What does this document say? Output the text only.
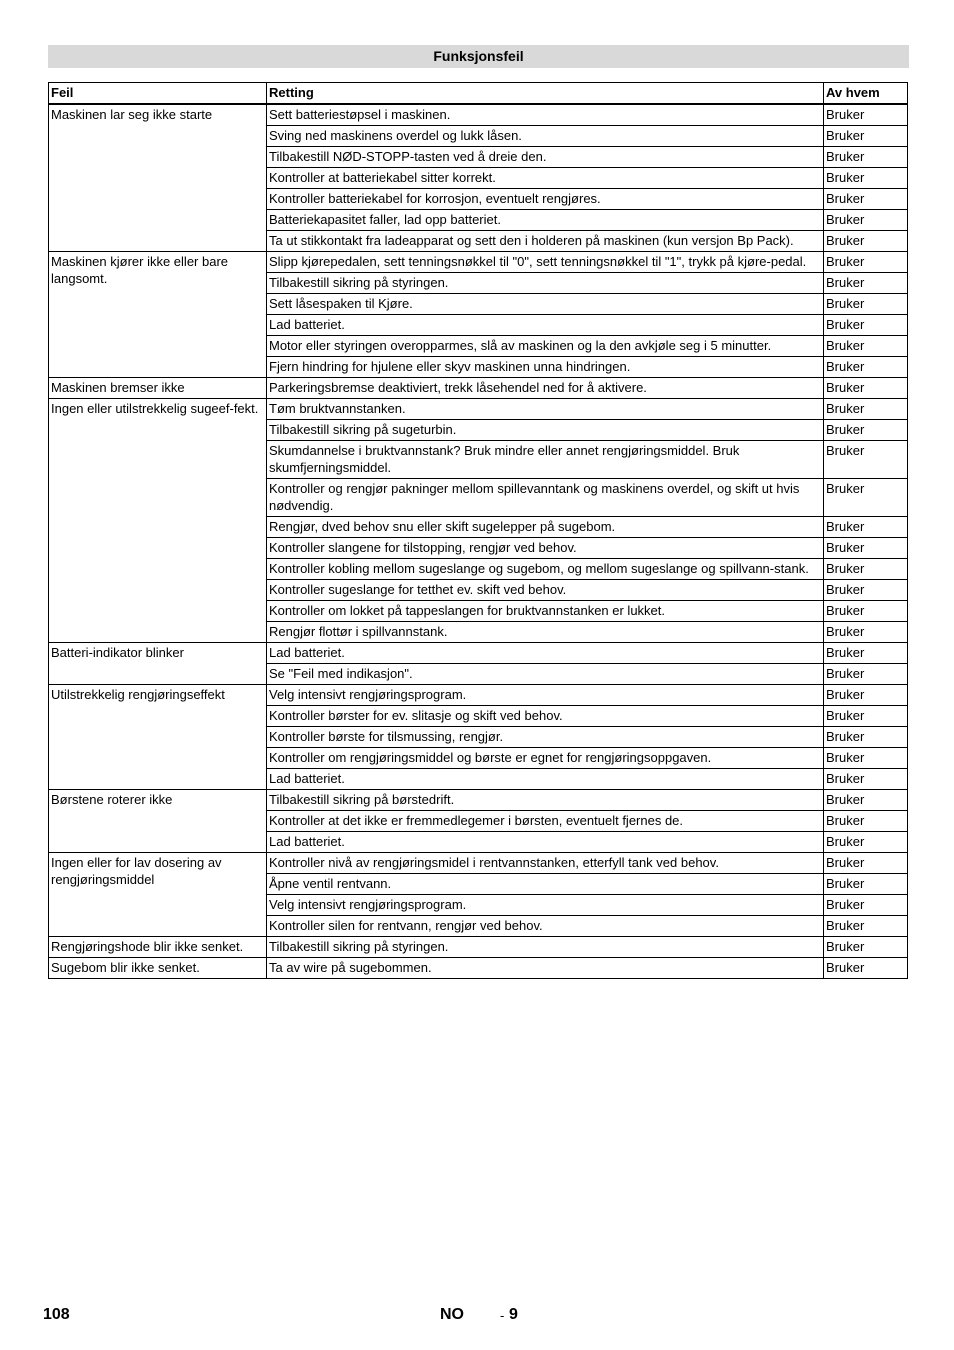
Funksjonsfeil
Feil	Retting	Av hvem
Maskinen lar seg ikke starte	Sett batteriestøpsel i maskinen.	Bruker
	Sving ned maskinens overdel og lukk låsen.	Bruker
	Tilbakestill NØD-STOPP-tasten ved å dreie den.	Bruker
	Kontroller at batteriekabel sitter korrekt.	Bruker
	Kontroller batteriekabel for korrosjon, eventuelt rengjøres.	Bruker
	Batteriekapasitet faller, lad opp batteriet.	Bruker
	Ta ut stikkontakt fra ladeapparat og sett den i holderen på maskinen (kun versjon Bp Pack).	Bruker
Maskinen kjører ikke eller bare langsomt.	Slipp kjørepedalen, sett tenningsnøkkel til "0", sett tenningsnøkkel til "1", trykk på kjøre-pedal.	Bruker
	Tilbakestill sikring på styringen.	Bruker
	Sett låsespaken til Kjøre.	Bruker
	Lad batteriet.	Bruker
	Motor eller styringen overopparmes, slå av maskinen og la den avkjøle seg i 5 minutter.	Bruker
	Fjern hindring for hjulene eller skyv maskinen unna hindringen.	Bruker
Maskinen bremser ikke	Parkeringsbremse deaktiviert, trekk låsehendel ned for å aktivere.	Bruker
Ingen eller utilstrekkelig sugeef-fekt.	Tøm bruktvannstanken.	Bruker
	Tilbakestill sikring på sugeturbin.	Bruker
	Skumdannelse i bruktvannstank? Bruk mindre eller annet rengjøringsmiddel. Bruk skumfjerningsmiddel.	Bruker
	Kontroller og rengjør pakninger mellom spillevanntank og maskinens overdel, og skift ut hvis nødvendig.	Bruker
	Rengjør, dved behov snu eller skift sugelepper på sugebom.	Bruker
	Kontroller slangene for tilstopping, rengjør ved behov.	Bruker
	Kontroller kobling mellom sugeslange og sugebom, og mellom sugeslange og spillvann-stank.	Bruker
	Kontroller sugeslange for tetthet ev. skift ved behov.	Bruker
	Kontroller om lokket på tappeslangen for bruktvannstanken er lukket.	Bruker
	Rengjør flottør i spillvannstank.	Bruker
Batteri-indikator blinker	Lad batteriet.	Bruker
	Se "Feil med indikasjon".	Bruker
Utilstrekkelig rengjøringseffekt	Velg intensivt rengjøringsprogram.	Bruker
	Kontroller børster for ev. slitasje og skift ved behov.	Bruker
	Kontroller børste for tilsmussing, rengjør.	Bruker
	Kontroller om rengjøringsmiddel og børste er egnet for rengjøringsoppgaven.	Bruker
	Lad batteriet.	Bruker
Børstene roterer ikke	Tilbakestill sikring på børstedrift.	Bruker
	Kontroller at det ikke er fremmedlegemer i børsten, eventuelt fjernes de.	Bruker
	Lad batteriet.	Bruker
Ingen eller for lav dosering av rengjøringsmiddel	Kontroller nivå av rengjøringsmidel i rentvannstanken, etterfyll tank ved behov.	Bruker
	Åpne ventil rentvann.	Bruker
	Velg intensivt rengjøringsprogram.	Bruker
	Kontroller silen for rentvann, rengjør ved behov.	Bruker
Rengjøringshode blir ikke senket.	Tilbakestill sikring på styringen.	Bruker
Sugebom blir ikke senket.	Ta av wire på sugebommen.	Bruker
108	NO	- 9
